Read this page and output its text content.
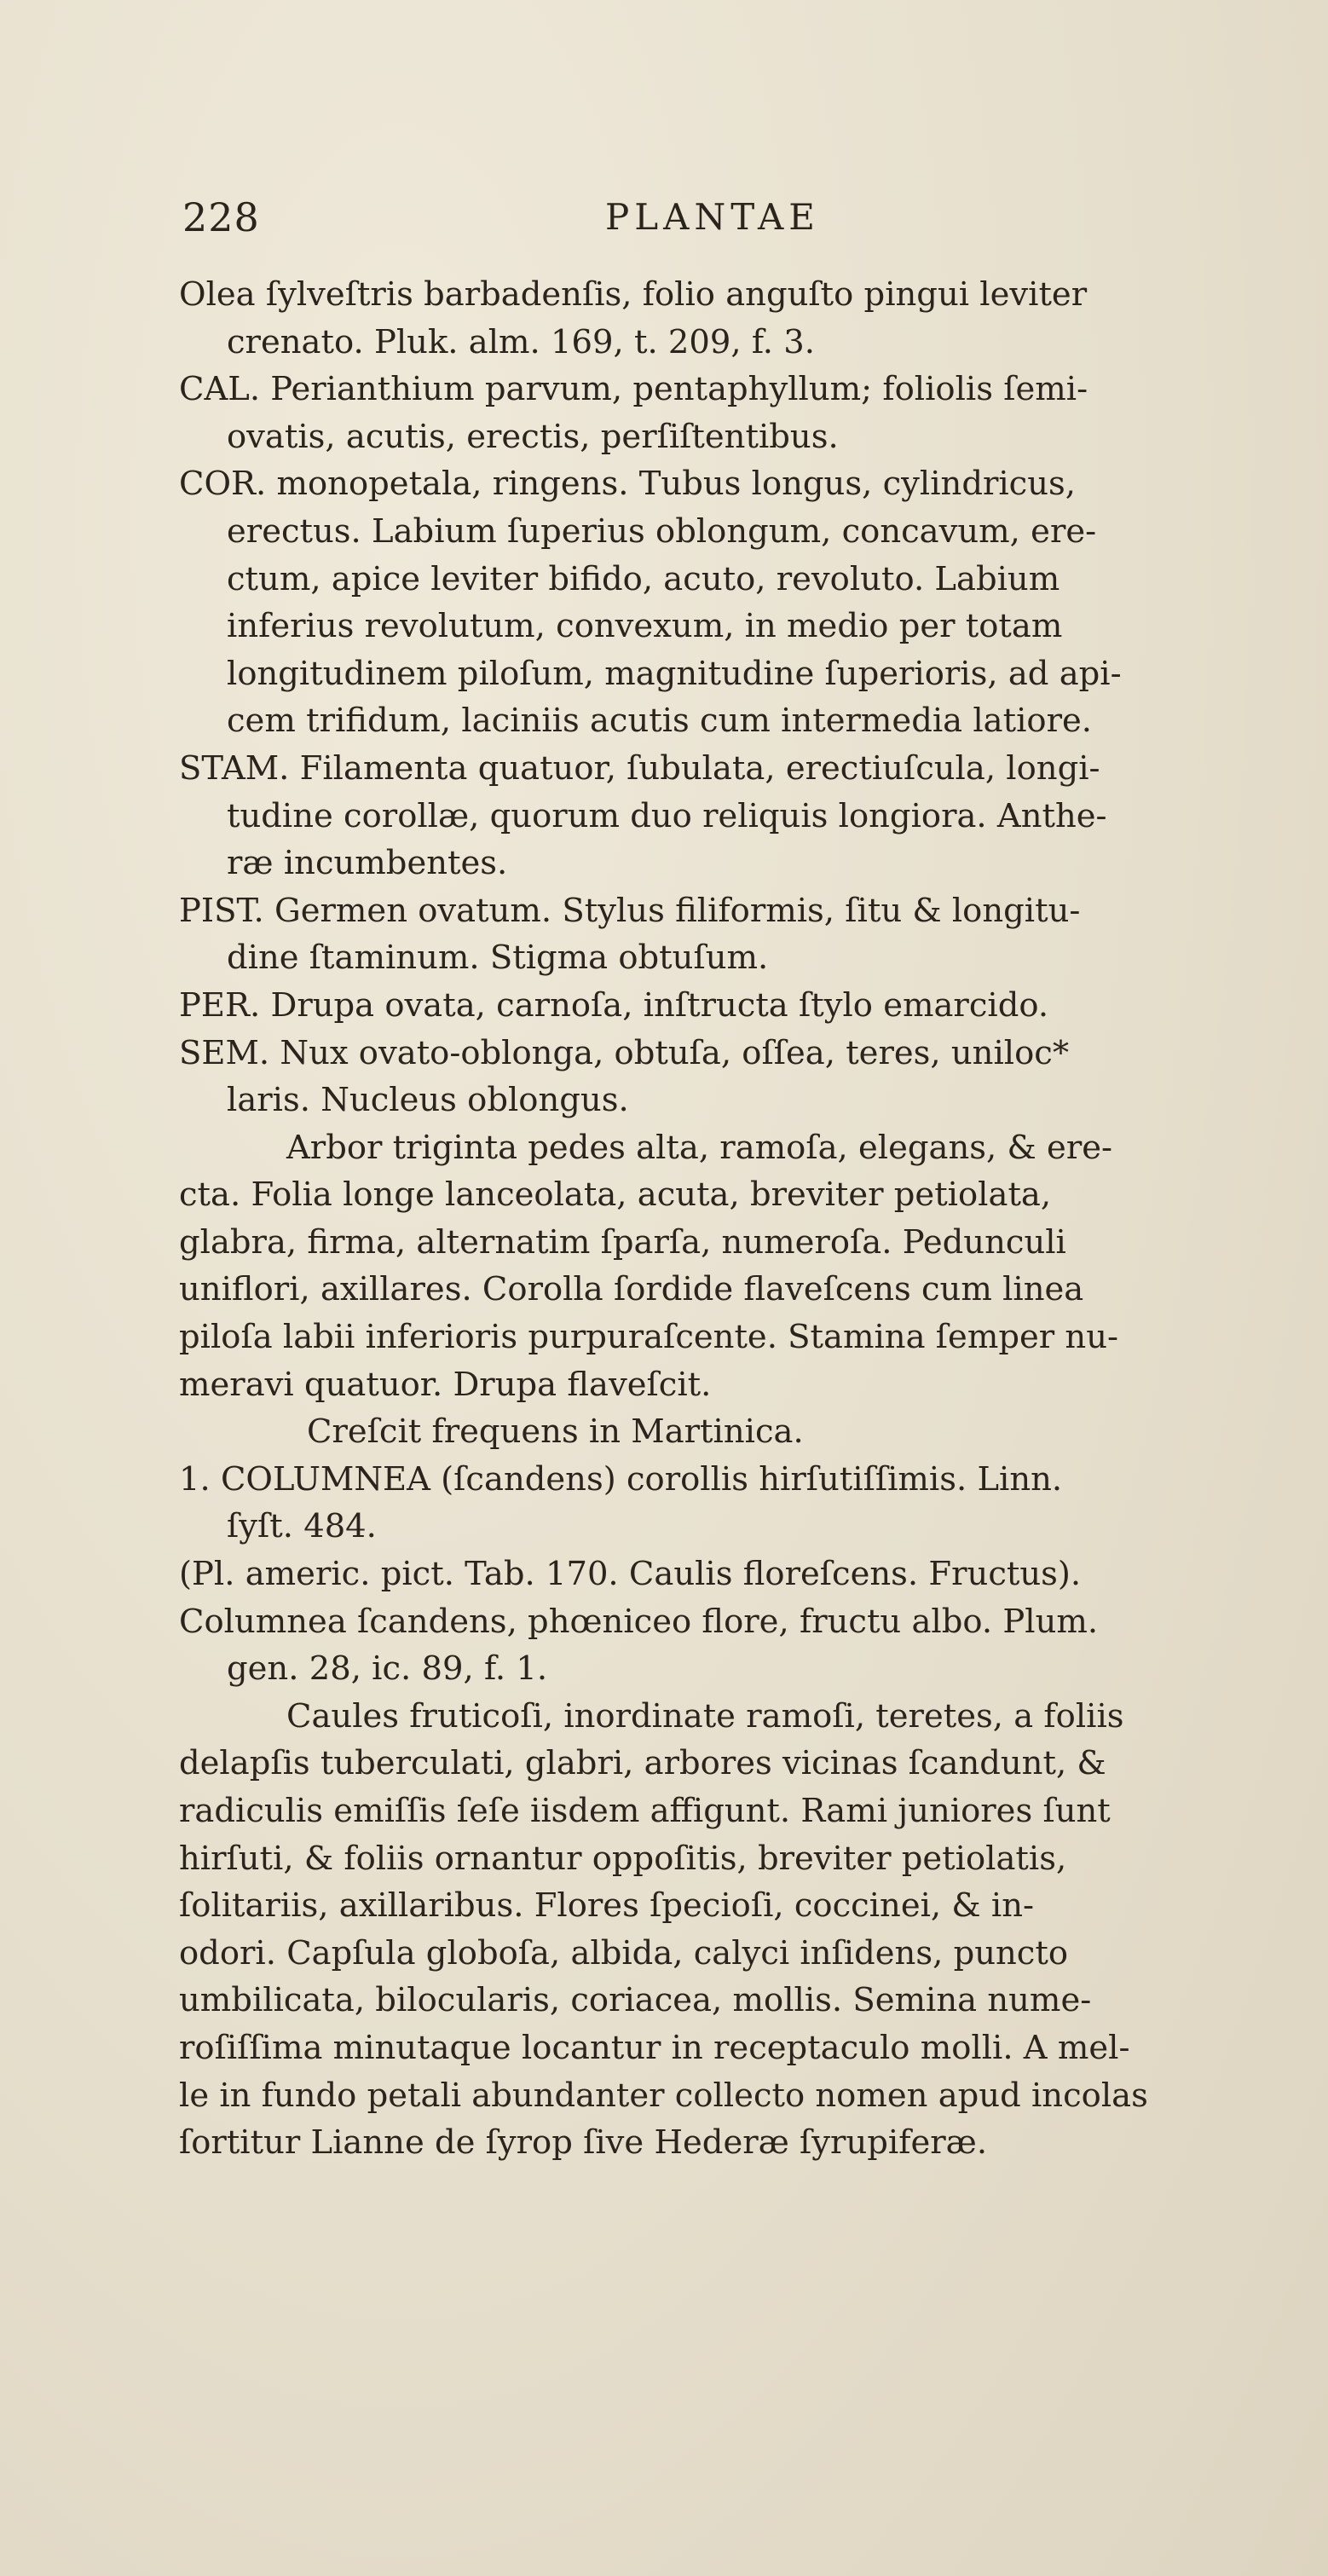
228	PLANTAE
Olea ſylveſtris barbadenſis, folio anguſto pingui leviter
crenato. Pluk. alm. 169, t. 209, f. 3.
CAL. Perianthium parvum, pentaphyllum; foliolis ſemi-
ovatis, acutis, erectis, perſiſtentibus.
COR. monopetala, ringens. Tubus longus, cylindricus,
erectus. Labium ſuperius oblongum, concavum, ere-
ctum, apice leviter bifido, acuto, revoluto. Labium
inferius revolutum, convexum, in medio per totam
longitudinem piloſum, magnitudine ſuperioris, ad api-
cem trifidum, laciniis acutis cum intermedia latiore.
STAM. Filamenta quatuor, ſubulata, erectiuſcula, longi-
tudine corollæ, quorum duo reliquis longiora. Anthe-
ræ incumbentes.
PIST. Germen ovatum. Stylus filiformis, ſitu & longitu-
dine ſtaminum. Stigma obtuſum.
PER. Drupa ovata, carnoſa, inſtructa ſtylo emarcido.
SEM. Nux ovato-oblonga, obtuſa, oſſea, teres, uniloc*
laris. Nucleus oblongus.
Arbor triginta pedes alta, ramoſa, elegans, & ere-
cta. Folia longe lanceolata, acuta, breviter petiolata,
glabra, firma, alternatim ſparſa, numeroſa. Pedunculi
uniflori, axillares. Corolla ſordide flaveſcens cum linea
piloſa labii inferioris purpuraſcente. Stamina ſemper nu-
meravi quatuor. Drupa flaveſcit.
Creſcit frequens in Martinica.
1. COLUMNEA (ſcandens) corollis hirſutiſſimis. Linn.
ſyſt. 484.
(Pl. americ. pict. Tab. 170. Caulis floreſcens. Fructus).
Columnea ſcandens, phœniceo flore, fructu albo. Plum.
gen. 28, ic. 89, f. 1.
Caules fruticoſi, inordinate ramoſi, teretes, a foliis
delapſis tuberculati, glabri, arbores vicinas ſcandunt, &
radiculis emiſſis ſeſe iisdem affigunt. Rami juniores ſunt
hirſuti, & foliis ornantur oppoſitis, breviter petiolatis,
ſolitariis, axillaribus. Flores ſpecioſi, coccinei, & in-
odori. Capſula globoſa, albida, calyci inſidens, puncto
umbilicata, bilocularis, coriacea, mollis. Semina nume-
roſiſſima minutaque locantur in receptaculo molli. A mel-
le in fundo petali abundanter collecto nomen apud incolas
ſortitur Lianne de ſyrop ſive Hederæ ſyrupiferæ.
